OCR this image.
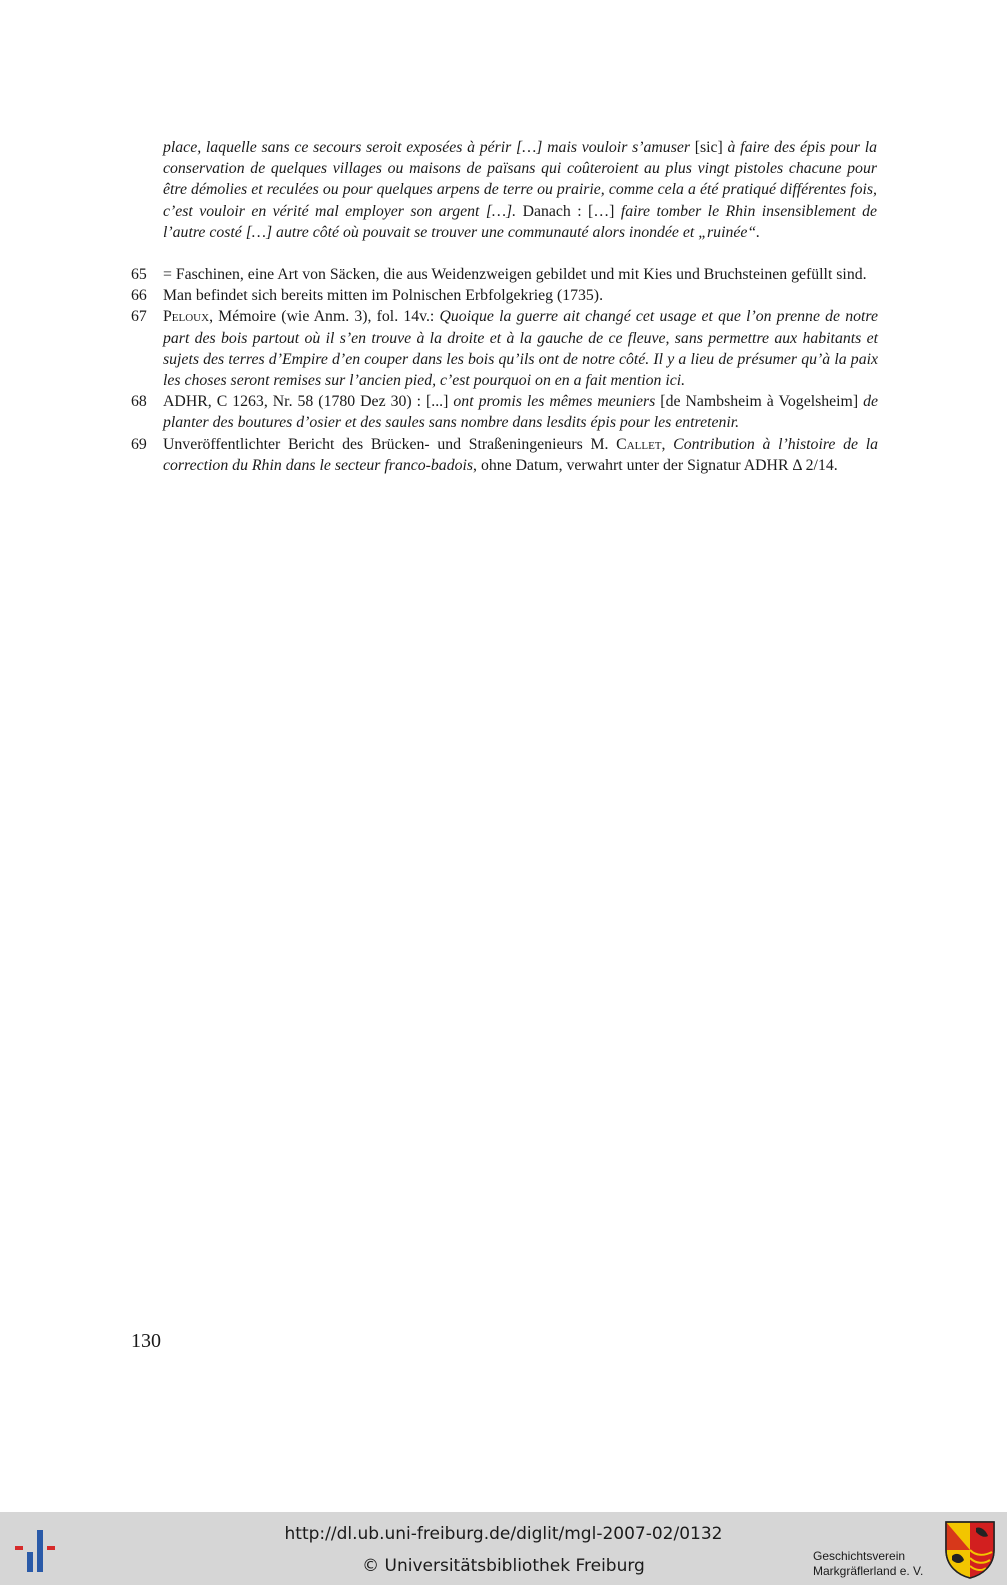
place, laquelle sans ce secours seroit exposées à périr […] mais vouloir s’amuser [sic] à faire des épis pour la conservation de quelques villages ou maisons de païsans qui coûteroient au plus vingt pistoles chacune pour être démolies et reculées ou pour quelques arpens de terre ou prairie, comme cela a été pratiqué différentes fois, c’est vouloir en vérité mal employer son argent […]. Danach : […] faire tomber le Rhin insensiblement de l’autre costé […] autre côté où pouvait se trouver une communauté alors inondée et „ruinée“.
65	= Faschinen, eine Art von Säcken, die aus Weidenzweigen gebildet und mit Kies und Bruchsteinen gefüllt sind.
66	Man befindet sich bereits mitten im Polnischen Erbfolgekrieg (1735).
67	Peloux, Mémoire (wie Anm. 3), fol. 14v.: Quoique la guerre ait changé cet usage et que l’on prenne de notre part des bois partout où il s’en trouve à la droite et à la gauche de ce fleuve, sans permettre aux habitants et sujets des terres d’Empire d’en couper dans les bois qu’ils ont de notre côté. Il y a lieu de présumer qu’à la paix les choses seront remises sur l’ancien pied, c’est pourquoi on en a fait mention ici.
68	ADHR, C 1263, Nr. 58 (1780 Dez 30) : [...] ont promis les mêmes meuniers [de Nambsheim à Vogelsheim] de planter des boutures d’osier et des saules sans nombre dans lesdits épis pour les entretenir.
69	Unveröffentlichter Bericht des Brücken- und Straßeningenieurs M. Callet, Contribution à l’histoire de la correction du Rhin dans le secteur franco-badois, ohne Datum, verwahrt unter der Signatur ADHR Δ 2/14.
130
http://dl.ub.uni-freiburg.de/diglit/mgl-2007-02/0132
© Universitätsbibliothek Freiburg	Geschichtsverein
Markgräflerland e. V.
